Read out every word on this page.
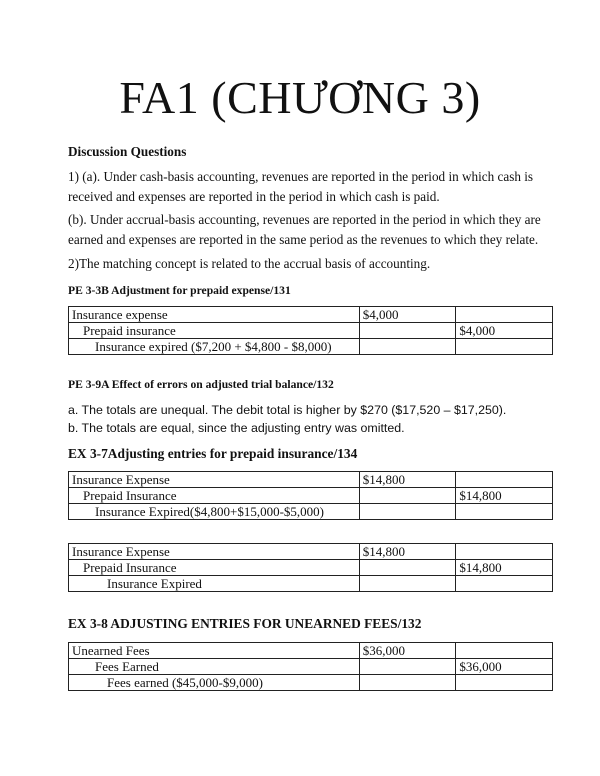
FA1 (CHƯƠNG 3)
Discussion Questions
1) (a). Under cash-basis accounting, revenues are reported in the period in which cash is
received and expenses are reported in the period in which cash is paid.
(b). Under accrual-basis accounting, revenues are reported in the period in which they are
earned and expenses are reported in the same period as the revenues to which they relate.
2)The matching concept is related to the accrual basis of accounting.
PE 3-3B Adjustment for prepaid expense/131
Insurance expense	$4,000	
Prepaid insurance		$4,000
Insurance expired ($7,200 + $4,800 - $8,000)		
PE 3-9A Effect of errors on adjusted trial balance/132
a. The totals are unequal. The debit total is higher by $270 ($17,520 – $17,250).
b. The totals are equal, since the adjusting entry was omitted.
EX 3-7Adjusting entries for prepaid insurance/134
Insurance Expense	$14,800	
Prepaid Insurance		$14,800
Insurance Expired($4,800+$15,000-$5,000)		
Insurance Expense	$14,800	
Prepaid Insurance		$14,800
Insurance Expired		
EX 3-8 ADJUSTING ENTRIES FOR UNEARNED FEES/132
Unearned Fees	$36,000	
Fees Earned		$36,000
Fees earned ($45,000-$9,000)		
